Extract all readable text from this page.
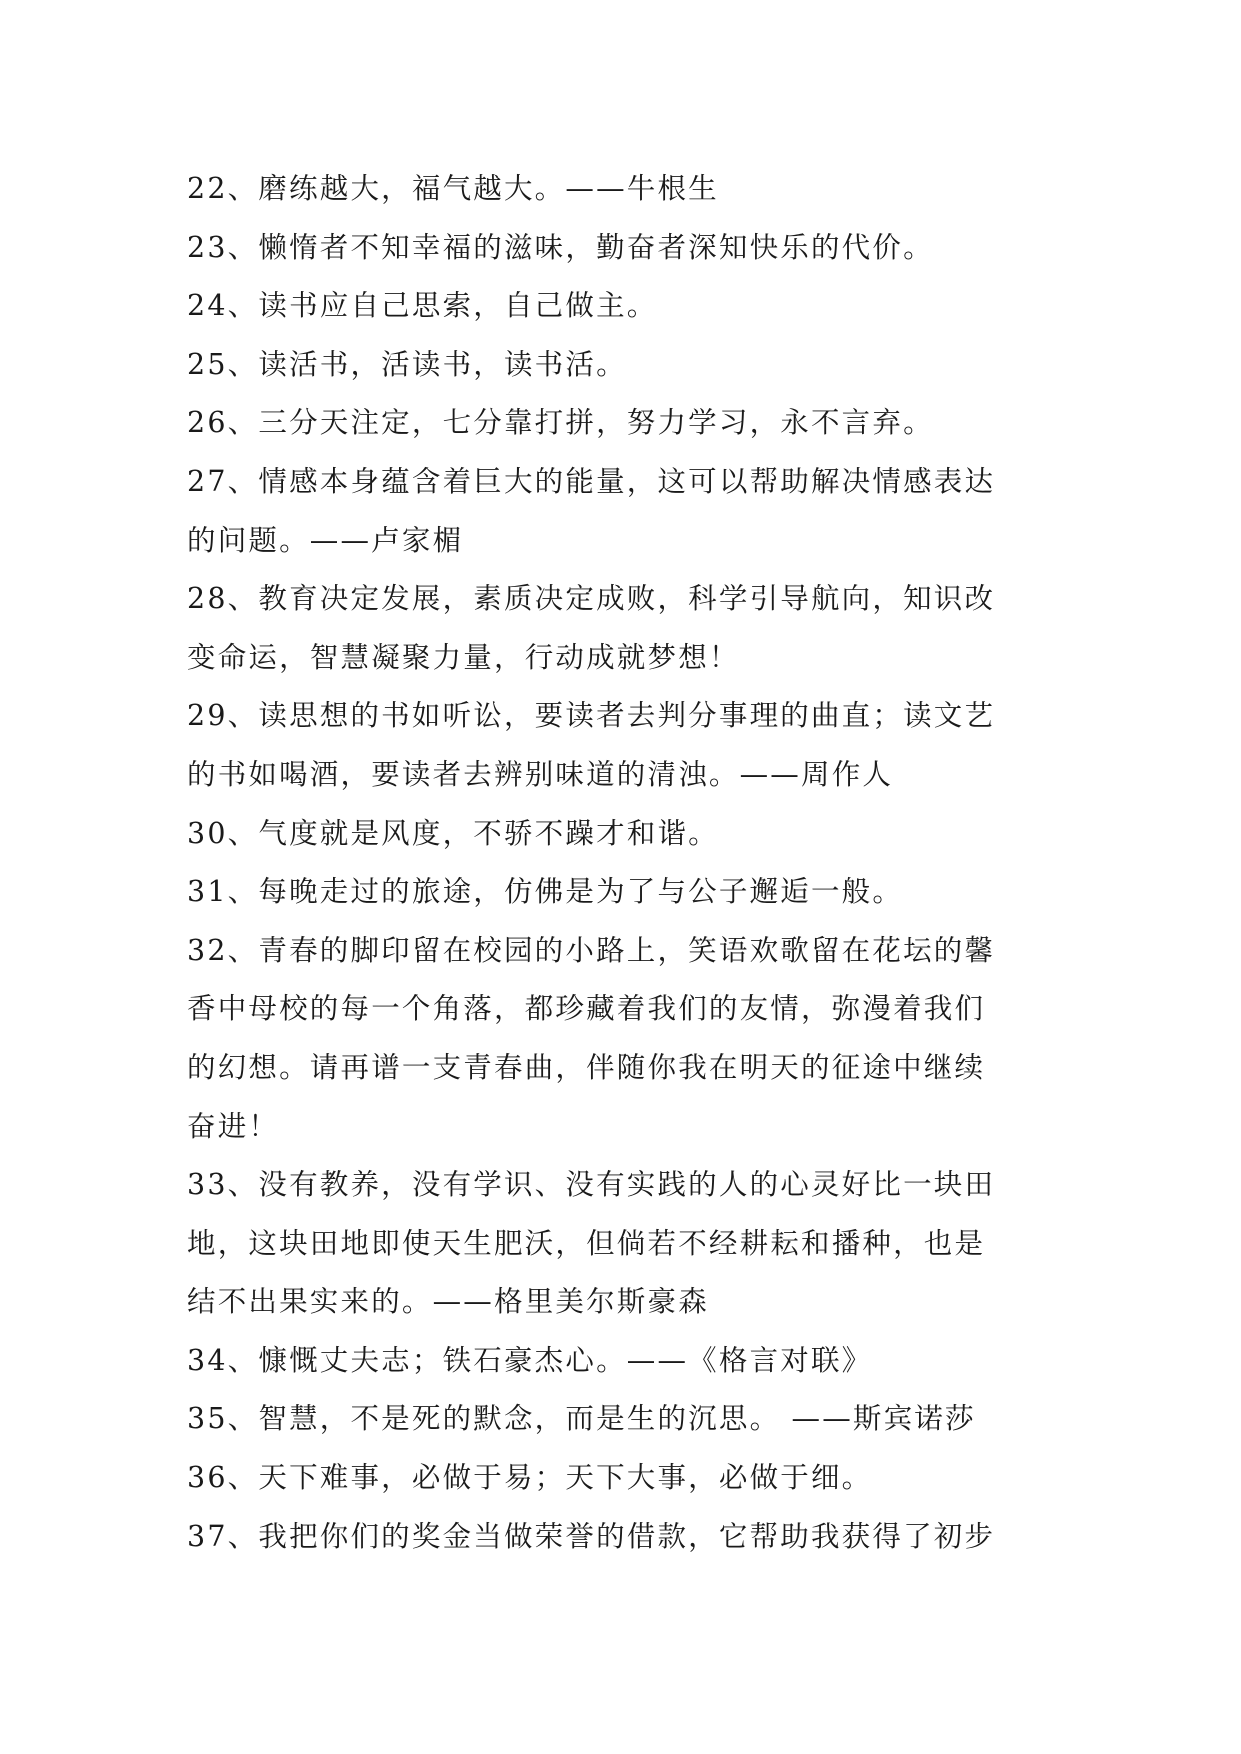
22、磨练越大，福气越大。——牛根生
23、懒惰者不知幸福的滋味，勤奋者深知快乐的代价。
24、读书应自己思索，自己做主。
25、读活书，活读书，读书活。
26、三分天注定，七分靠打拼，努力学习，永不言弃。
27、情感本身蕴含着巨大的能量，这可以帮助解决情感表达
的问题。——卢家楣
28、教育决定发展，素质决定成败，科学引导航向，知识改
变命运，智慧凝聚力量，行动成就梦想！
29、读思想的书如听讼，要读者去判分事理的曲直；读文艺
的书如喝酒，要读者去辨别味道的清浊。——周作人
30、气度就是风度，不骄不躁才和谐。
31、每晚走过的旅途，仿佛是为了与公子邂逅一般。
32、青春的脚印留在校园的小路上，笑语欢歌留在花坛的馨
香中母校的每一个角落，都珍藏着我们的友情，弥漫着我们
的幻想。请再谱一支青春曲，伴随你我在明天的征途中继续
奋进！
33、没有教养，没有学识、没有实践的人的心灵好比一块田
地，这块田地即使天生肥沃，但倘若不经耕耘和播种，也是
结不出果实来的。——格里美尔斯豪森
34、慷慨丈夫志；铁石豪杰心。——《格言对联》
35、智慧，不是死的默念，而是生的沉思。 ——斯宾诺莎
36、天下难事，必做于易；天下大事，必做于细。
37、我把你们的奖金当做荣誉的借款，它帮助我获得了初步
